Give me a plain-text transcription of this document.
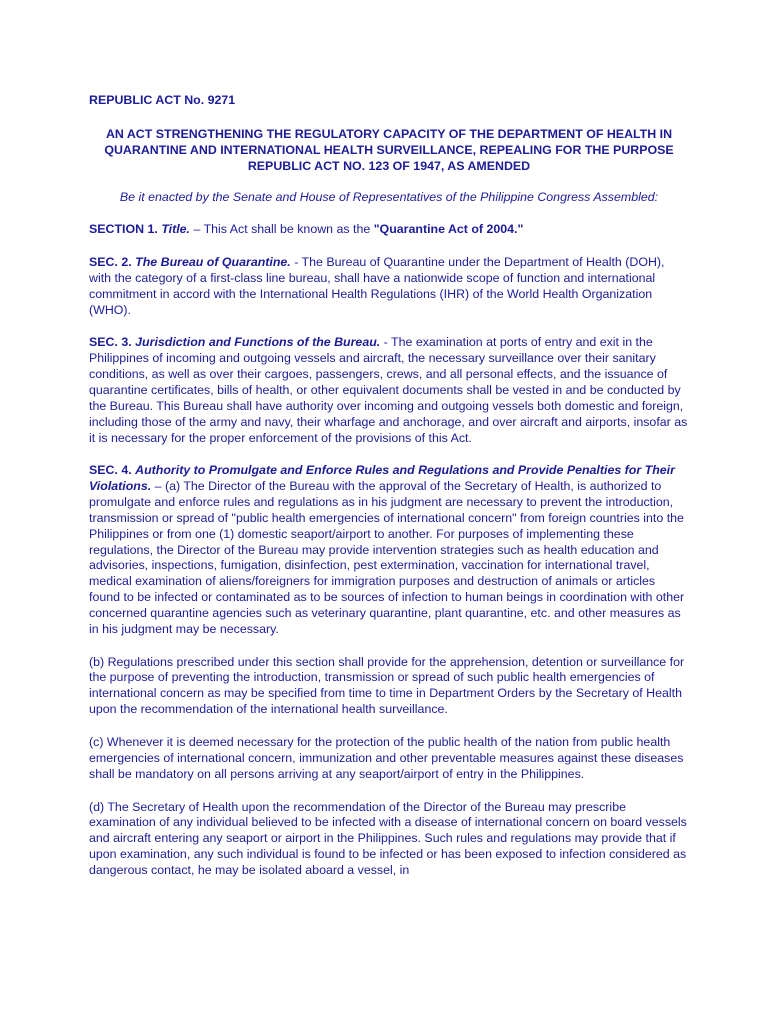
REPUBLIC ACT No. 9271

AN ACT STRENGTHENING THE REGULATORY CAPACITY OF THE DEPARTMENT OF HEALTH IN QUARANTINE AND INTERNATIONAL HEALTH SURVEILLANCE, REPEALING FOR THE PURPOSE REPUBLIC ACT NO. 123 OF 1947, AS AMENDED

Be it enacted by the Senate and House of Representatives of the Philippine Congress Assembled:

SECTION 1. Title. – This Act shall be known as the "Quarantine Act of 2004."

SEC. 2. The Bureau of Quarantine. - The Bureau of Quarantine under the Department of Health (DOH), with the category of a first-class line bureau, shall have a nationwide scope of function and international commitment in accord with the International Health Regulations (IHR) of the World Health Organization (WHO).

SEC. 3. Jurisdiction and Functions of the Bureau. - The examination at ports of entry and exit in the Philippines of incoming and outgoing vessels and aircraft, the necessary surveillance over their sanitary conditions, as well as over their cargoes, passengers, crews, and all personal effects, and the issuance of quarantine certificates, bills of health, or other equivalent documents shall be vested in and be conducted by the Bureau. This Bureau shall have authority over incoming and outgoing vessels both domestic and foreign, including those of the army and navy, their wharfage and anchorage, and over aircraft and airports, insofar as it is necessary for the proper enforcement of the provisions of this Act.

SEC. 4. Authority to Promulgate and Enforce Rules and Regulations and Provide Penalties for Their Violations. – (a) The Director of the Bureau with the approval of the Secretary of Health, is authorized to promulgate and enforce rules and regulations as in his judgment are necessary to prevent the introduction, transmission or spread of "public health emergencies of international concern" from foreign countries into the Philippines or from one (1) domestic seaport/airport to another. For purposes of implementing these regulations, the Director of the Bureau may provide intervention strategies such as health education and advisories, inspections, fumigation, disinfection, pest extermination, vaccination for international travel, medical examination of aliens/foreigners for immigration purposes and destruction of animals or articles found to be infected or contaminated as to be sources of infection to human beings in coordination with other concerned quarantine agencies such as veterinary quarantine, plant quarantine, etc. and other measures as in his judgment may be necessary.

(b) Regulations prescribed under this section shall provide for the apprehension, detention or surveillance for the purpose of preventing the introduction, transmission or spread of such public health emergencies of international concern as may be specified from time to time in Department Orders by the Secretary of Health upon the recommendation of the international health surveillance.

(c) Whenever it is deemed necessary for the protection of the public health of the nation from public health emergencies of international concern, immunization and other preventable measures against these diseases shall be mandatory on all persons arriving at any seaport/airport of entry in the Philippines.

(d) The Secretary of Health upon the recommendation of the Director of the Bureau may prescribe examination of any individual believed to be infected with a disease of international concern on board vessels and aircraft entering any seaport or airport in the Philippines. Such rules and regulations may provide that if upon examination, any such individual is found to be infected or has been exposed to infection considered as dangerous contact, he may be isolated aboard a vessel, in
